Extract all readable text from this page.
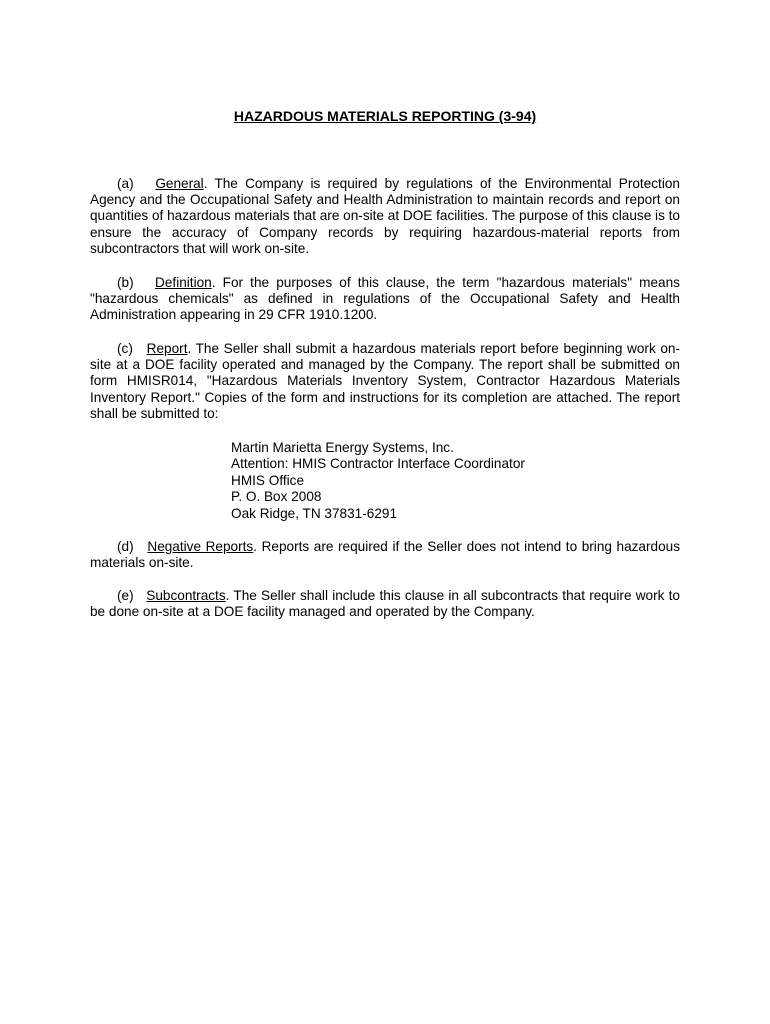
HAZARDOUS MATERIALS REPORTING (3-94)

(a) General. The Company is required by regulations of the Environmental Protection Agency and the Occupational Safety and Health Administration to maintain records and report on quantities of hazardous materials that are on-site at DOE facilities. The purpose of this clause is to ensure the accuracy of Company records by requiring hazardous-material reports from subcontractors that will work on-site.

(b) Definition. For the purposes of this clause, the term "hazardous materials" means "hazardous chemicals" as defined in regulations of the Occupational Safety and Health Administration appearing in 29 CFR 1910.1200.

(c) Report. The Seller shall submit a hazardous materials report before beginning work on-site at a DOE facility operated and managed by the Company. The report shall be submitted on form HMISR014, "Hazardous Materials Inventory System, Contractor Hazardous Materials Inventory Report." Copies of the form and instructions for its completion are attached. The report shall be submitted to:

Martin Marietta Energy Systems, Inc.
Attention: HMIS Contractor Interface Coordinator
HMIS Office
P. O. Box 2008
Oak Ridge, TN 37831-6291

(d) Negative Reports. Reports are required if the Seller does not intend to bring hazardous materials on-site.

(e) Subcontracts. The Seller shall include this clause in all subcontracts that require work to be done on-site at a DOE facility managed and operated by the Company.
